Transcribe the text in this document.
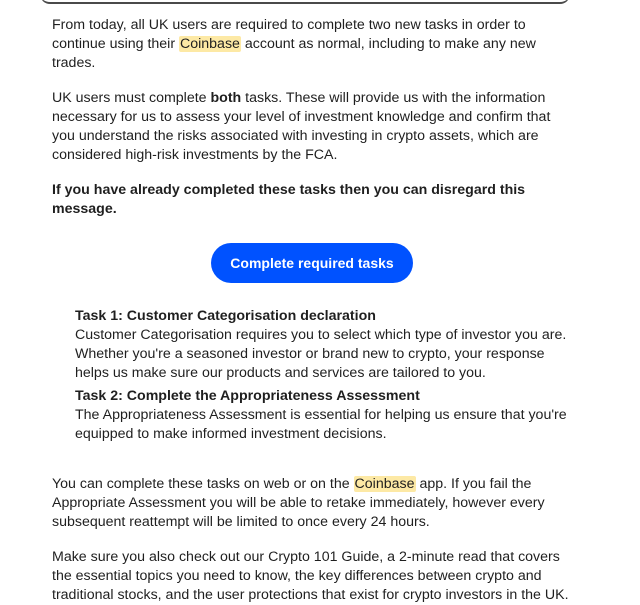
From today, all UK users are required to complete two new tasks in order to continue using their Coinbase account as normal, including to make any new trades.

UK users must complete both tasks. These will provide us with the information necessary for us to assess your level of investment knowledge and confirm that you understand the risks associated with investing in crypto assets, which are considered high-risk investments by the FCA.

If you have already completed these tasks then you can disregard this message.

Complete required tasks
Task 1: Customer Categorisation declaration
Customer Categorisation requires you to select which type of investor you are. Whether you're a seasoned investor or brand new to crypto, your response helps us make sure our products and services are tailored to you.
Task 2: Complete the Appropriateness Assessment
The Appropriateness Assessment is essential for helping us ensure that you're equipped to make informed investment decisions.

You can complete these tasks on web or on the Coinbase app. If you fail the Appropriate Assessment you will be able to retake immediately, however every subsequent reattempt will be limited to once every 24 hours.

Make sure you also check out our Crypto 101 Guide, a 2-minute read that covers the essential topics you need to know, the key differences between crypto and traditional stocks, and the user protections that exist for crypto investors in the UK.
